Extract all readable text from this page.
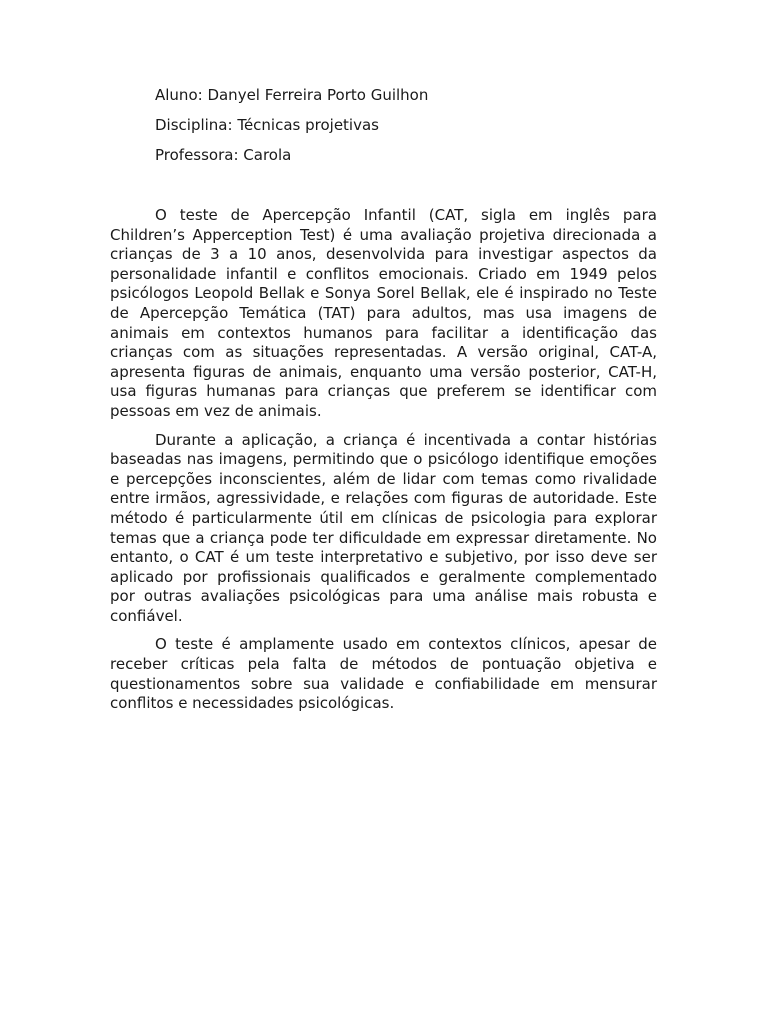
Aluno: Danyel Ferreira Porto Guilhon

Disciplina: Técnicas projetivas

Professora: Carola

O teste de Apercepção Infantil (CAT, sigla em inglês para Children’s Apperception Test) é uma avaliação projetiva direcionada a crianças de 3 a 10 anos, desenvolvida para investigar aspectos da personalidade infantil e conflitos emocionais. Criado em 1949 pelos psicólogos Leopold Bellak e Sonya Sorel Bellak, ele é inspirado no Teste de Apercepção Temática (TAT) para adultos, mas usa imagens de animais em contextos humanos para facilitar a identificação das crianças com as situações representadas. A versão original, CAT-A, apresenta figuras de animais, enquanto uma versão posterior, CAT-H, usa figuras humanas para crianças que preferem se identificar com pessoas em vez de animais.

Durante a aplicação, a criança é incentivada a contar histórias baseadas nas imagens, permitindo que o psicólogo identifique emoções e percepções inconscientes, além de lidar com temas como rivalidade entre irmãos, agressividade, e relações com figuras de autoridade. Este método é particularmente útil em clínicas de psicologia para explorar temas que a criança pode ter dificuldade em expressar diretamente. No entanto, o CAT é um teste interpretativo e subjetivo, por isso deve ser aplicado por profissionais qualificados e geralmente complementado por outras avaliações psicológicas para uma análise mais robusta e confiável.

O teste é amplamente usado em contextos clínicos, apesar de receber críticas pela falta de métodos de pontuação objetiva e questionamentos sobre sua validade e confiabilidade em mensurar conflitos e necessidades psicológicas.
